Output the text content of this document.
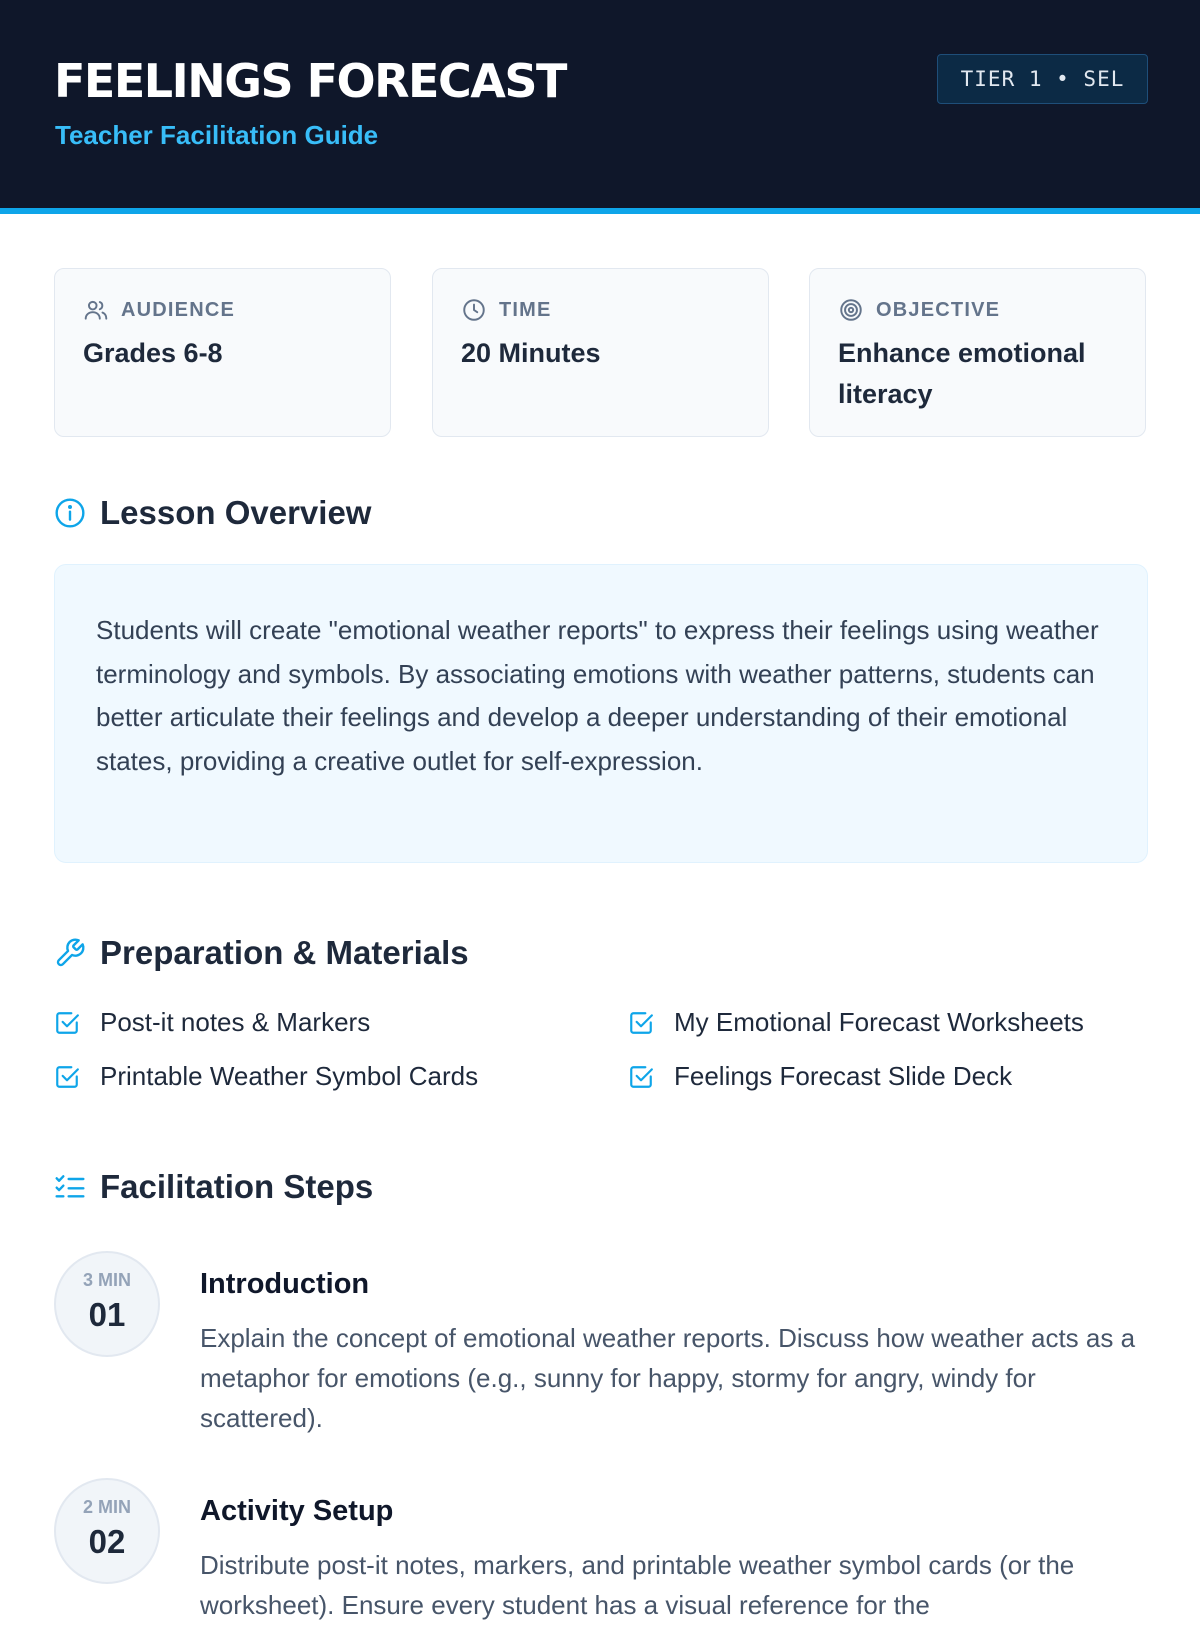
FEELINGS FORECAST
Teacher Facilitation Guide
TIER 1 • SEL
AUDIENCE
Grades 6-8
TIME
20 Minutes
OBJECTIVE
Enhance emotional literacy
Lesson Overview

Students will create "emotional weather reports" to express their feelings using weather terminology and symbols. By associating emotions with weather patterns, students can better articulate their feelings and develop a deeper understanding of their emotional states, providing a creative outlet for self-expression.

Preparation & Materials
Post-it notes & Markers	My Emotional Forecast Worksheets
Printable Weather Symbol Cards	Feelings Forecast Slide Deck
Facilitation Steps
3 MIN
01
Introduction
Explain the concept of emotional weather reports. Discuss how weather acts as a metaphor for emotions (e.g., sunny for happy, stormy for angry, windy for scattered).
2 MIN
02
Activity Setup
Distribute post-it notes, markers, and printable weather symbol cards (or the worksheet). Ensure every student has a visual reference for the
